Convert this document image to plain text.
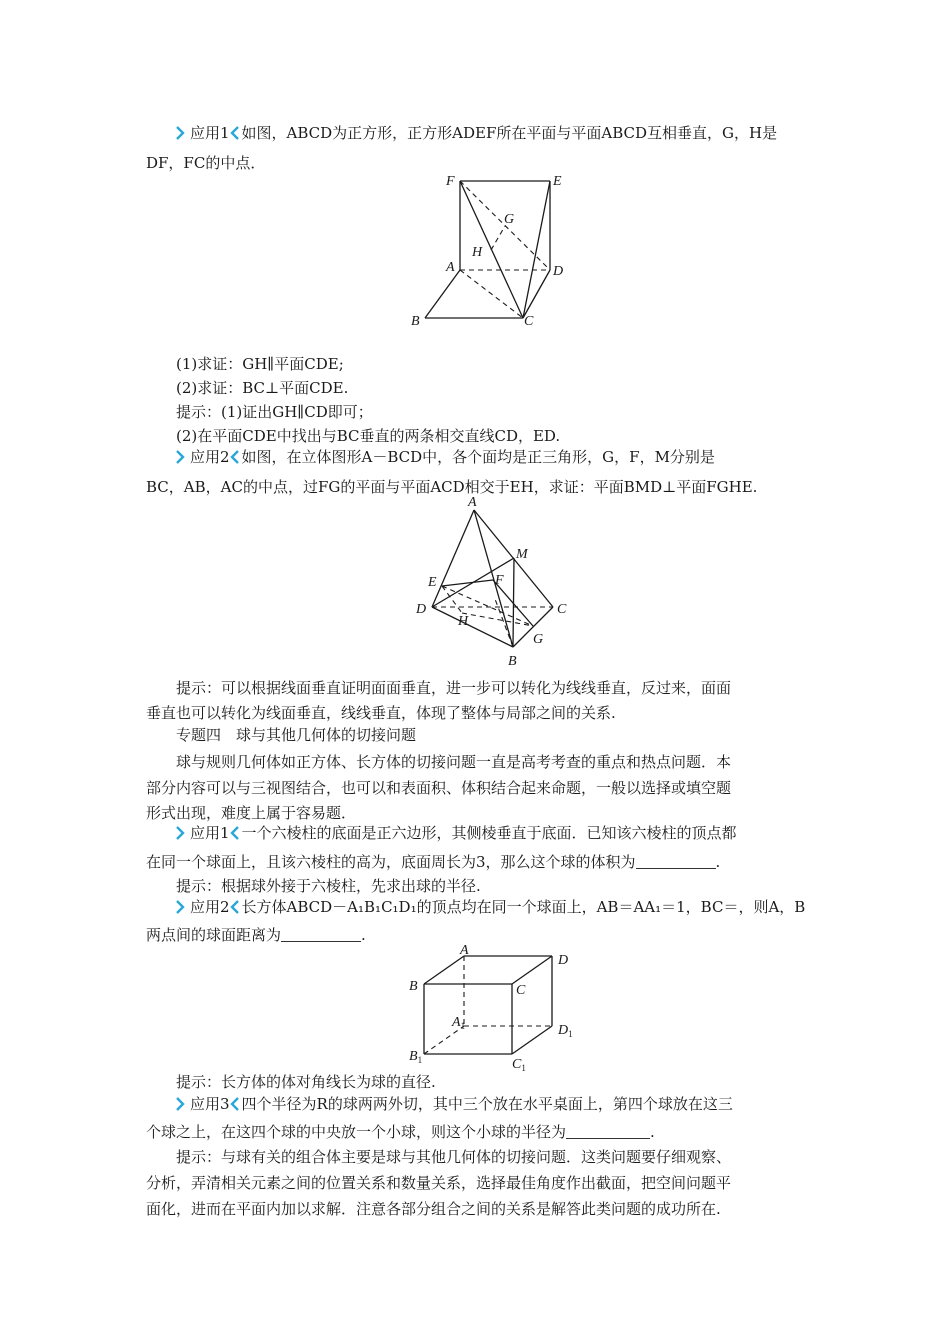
应用1 如图，ABCD为正方形，正方形ADEF所在平面与平面ABCD互相垂直，G，H是
DF，FC的中点．
F	E
G
H
A	D
B	C
(1)求证：GH∥平面CDE;
(2)求证：BC⊥平面CDE.
提示：(1)证出GH∥CD即可；
(2)在平面CDE中找出与BC垂直的两条相交直线CD，ED.
应用2 如图，在立体图形A－BCD中，各个面均是正三角形，G，F，M分别是
BC，AB，AC的中点，过FG的平面与平面ACD相交于EH，求证：平面BMD⊥平面FGHE.
A
M
E	F
D	C
H
G
B
提示：可以根据线面垂直证明面面垂直，进一步可以转化为线线垂直，反过来，面面
垂直也可以转化为线面垂直，线线垂直，体现了整体与局部之间的关系.
专题四　球与其他几何体的切接问题
球与规则几何体如正方体、长方体的切接问题一直是高考考查的重点和热点问题．本
部分内容可以与三视图结合，也可以和表面积、体积结合起来命题，一般以选择或填空题
形式出现，难度上属于容易题．
应用1 一个六棱柱的底面是正六边形，其侧棱垂直于底面．已知该六棱柱的顶点都
在同一个球面上，且该六棱柱的高为，底面周长为3，那么这个球的体积为	.
提示：根据球外接于六棱柱，先求出球的半径.
应用2 长方体ABCD－A₁B₁C₁D₁的顶点均在同一个球面上，AB＝AA₁＝1，BC＝，则A，B
两点间的球面距离为	.
A
D
B	C
$A_1$	$D_1$
$B_1$	$C_1$
提示：长方体的体对角线长为球的直径.
应用3 四个半径为R的球两两外切，其中三个放在水平桌面上，第四个球放在这三
个球之上，在这四个球的中央放一个小球，则这个小球的半径为	.
提示：与球有关的组合体主要是球与其他几何体的切接问题．这类问题要仔细观察、
分析，弄清相关元素之间的位置关系和数量关系，选择最佳角度作出截面，把空间问题平
面化，进而在平面内加以求解．注意各部分组合之间的关系是解答此类问题的成功所在.
